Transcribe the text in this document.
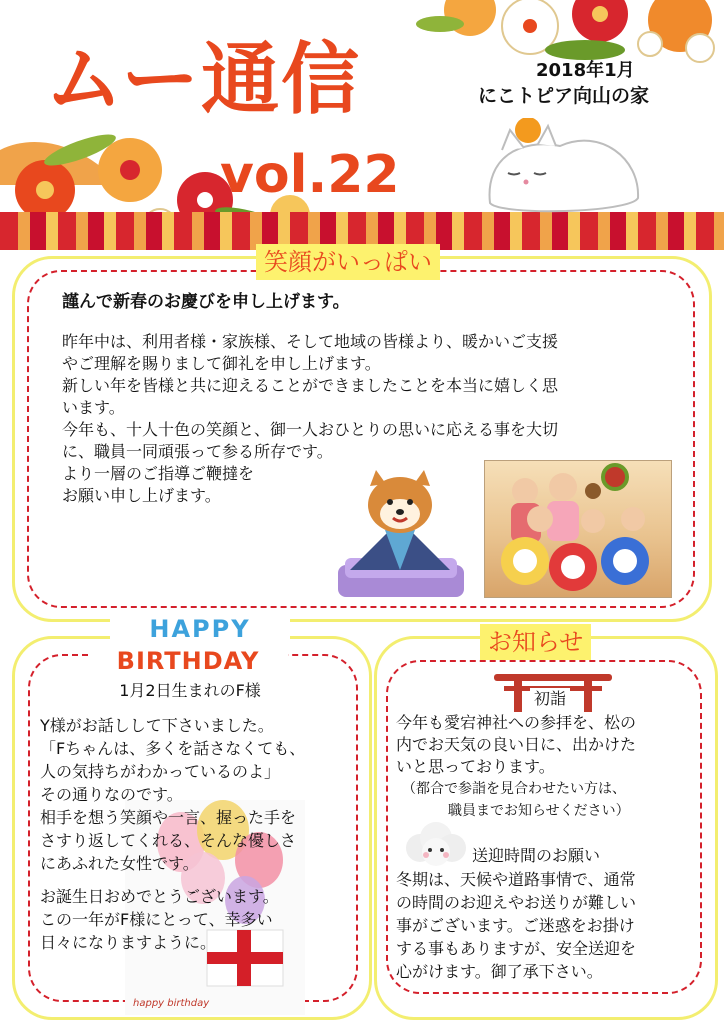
ムー通信
vol.22
2018年1月
にこトピア向山の家
笑顔がいっぱい
謹んで新春のお慶びを申し上げます。
昨年中は、利用者様・家族様、そして地域の皆様より、暖かいご支援
やご理解を賜りまして御礼を申し上げます。
新しい年を皆様と共に迎えることができましたことを本当に嬉しく思
います。
今年も、十人十色の笑顔と、御一人おひとりの思いに応える事を大切
に、職員一同頑張って参る所存です。
より一層のご指導ご鞭撻を
お願い申し上げます。
HAPPY
BIRTHDAY
1月2日生まれのF様
happy birthday
Y様がお話しして下さいました。
「Fちゃんは、多くを話さなくても、
人の気持ちがわかっているのよ」
その通りなのです。
相手を想う笑顔や一言、握った手を
さすり返してくれる、そんな優しさ
にあふれた女性です。
お誕生日おめでとうございます。
この一年がF様にとって、幸多い
日々になりますように。
お知らせ
初詣
今年も愛宕神社への参拝を、松の
内でお天気の良い日に、出かけた
いと思っております。
（都合で参詣を見合わせたい方は、
職員までお知らせください）
送迎時間のお願い
冬期は、天候や道路事情で、通常
の時間のお迎えやお送りが難しい
事がございます。ご迷惑をお掛け
する事もありますが、安全送迎を
心がけます。御了承下さい。
